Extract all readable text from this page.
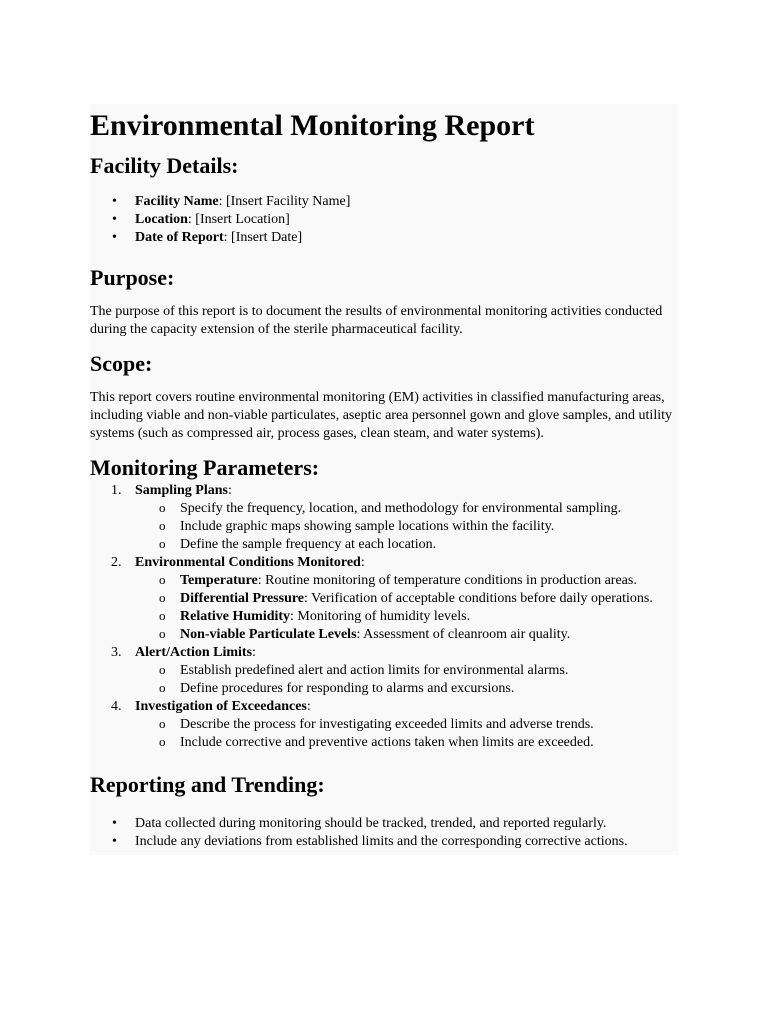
Environmental Monitoring Report
Facility Details:
• Facility Name: [Insert Facility Name]
• Location: [Insert Location]
• Date of Report: [Insert Date]
Purpose:

The purpose of this report is to document the results of environmental monitoring activities conducted during the capacity extension of the sterile pharmaceutical facility.

Scope:

This report covers routine environmental monitoring (EM) activities in classified manufacturing areas, including viable and non-viable particulates, aseptic area personnel gown and glove samples, and utility systems (such as compressed air, process gases, clean steam, and water systems).

Monitoring Parameters:
1. Sampling Plans:
o Specify the frequency, location, and methodology for environmental sampling.
o Include graphic maps showing sample locations within the facility.
o Define the sample frequency at each location.
2. Environmental Conditions Monitored:
o Temperature: Routine monitoring of temperature conditions in production areas.
o Differential Pressure: Verification of acceptable conditions before daily operations.
o Relative Humidity: Monitoring of humidity levels.
o Non-viable Particulate Levels: Assessment of cleanroom air quality.
3. Alert/Action Limits:
o Establish predefined alert and action limits for environmental alarms.
o Define procedures for responding to alarms and excursions.
4. Investigation of Exceedances:
o Describe the process for investigating exceeded limits and adverse trends.
o Include corrective and preventive actions taken when limits are exceeded.
Reporting and Trending:
• Data collected during monitoring should be tracked, trended, and reported regularly.
• Include any deviations from established limits and the corresponding corrective actions.
